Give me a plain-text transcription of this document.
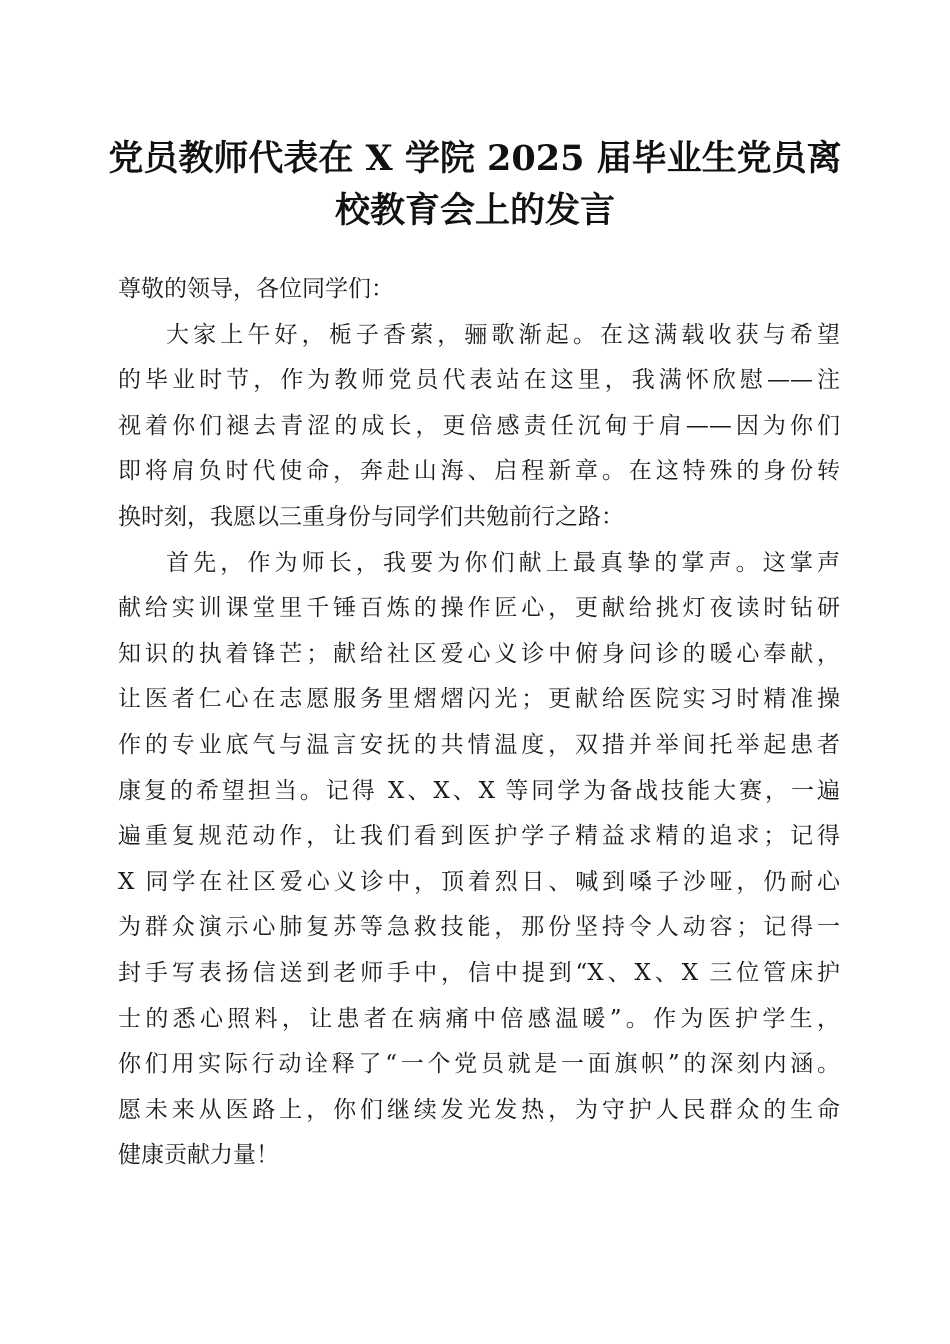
党员教师代表在 X 学院 2025 届毕业生党员离
校教育会上的发言
尊敬的领导，各位同学们：
大家上午好，栀子香萦，骊歌渐起。在这满载收获与希望
的毕业时节，作为教师党员代表站在这里，我满怀欣慰——注
视着你们褪去青涩的成长，更倍感责任沉甸于肩——因为你们
即将肩负时代使命，奔赴山海、启程新章。在这特殊的身份转
换时刻，我愿以三重身份与同学们共勉前行之路：
首先，作为师长，我要为你们献上最真挚的掌声。这掌声
献给实训课堂里千锤百炼的操作匠心，更献给挑灯夜读时钻研
知识的执着锋芒；献给社区爱心义诊中俯身问诊的暖心奉献，
让医者仁心在志愿服务里熠熠闪光；更献给医院实习时精准操
作的专业底气与温言安抚的共情温度，双措并举间托举起患者
康复的希望担当。记得 X、X、X 等同学为备战技能大赛，一遍
遍重复规范动作，让我们看到医护学子精益求精的追求；记得
X 同学在社区爱心义诊中，顶着烈日、喊到嗓子沙哑，仍耐心
为群众演示心肺复苏等急救技能，那份坚持令人动容；记得一
封手写表扬信送到老师手中，信中提到“X、X、X 三位管床护
士的悉心照料，让患者在病痛中倍感温暖”。作为医护学生，
你们用实际行动诠释了“一个党员就是一面旗帜”的深刻内涵。
愿未来从医路上，你们继续发光发热，为守护人民群众的生命
健康贡献力量！
